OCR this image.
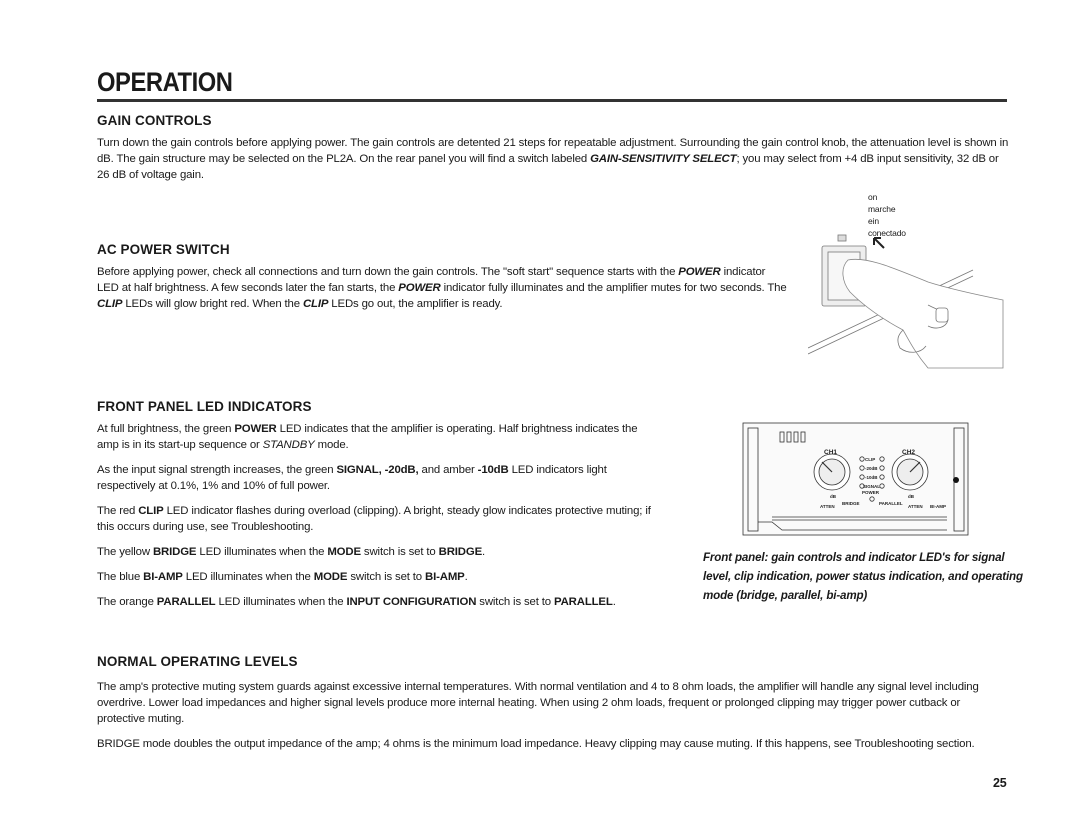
OPERATION
GAIN CONTROLS

Turn down the gain controls before applying power. The gain controls are detented 21 steps for repeatable adjustment. Surrounding the gain control knob, the attenuation level is shown in dB. The gain structure may be selected on the PL2A. On the rear panel you will find a switch labeled GAIN-SENSITIVITY SELECT; you may select from +4 dB input sensitivity, 32 dB or 26 dB of voltage gain.

on
marche
ein
conectado

AC POWER SWITCH

Before applying power, check all connections and turn down the gain controls. The "soft start" sequence starts with the POWER indicator LED at half brightness. A few seconds later the fan starts, the POWER indicator fully illuminates and the amplifier mutes for two seconds. The CLIP LEDs will glow bright red. When the CLIP LEDs go out, the amplifier is ready.

FRONT PANEL LED INDICATORS

At full brightness, the green POWER LED indicates that the amplifier is operating. Half brightness indicates the amp is in its start-up sequence or STANDBY mode.

As the input signal strength increases, the green SIGNAL, -20dB, and amber -10dB LED indicators light respectively at 0.1%, 1% and 10% of full power.

The red CLIP LED indicator flashes during overload (clipping). A bright, steady glow indicates protective muting; if this occurs during use, see Troubleshooting.

The yellow BRIDGE LED illuminates when the MODE switch is set to BRIDGE.

The blue BI-AMP LED illuminates when the MODE switch is set to BI-AMP.

The orange PARALLEL LED illuminates when the INPUT CONFIGURATION switch is set to PARALLEL.

CH1	CH2
CLIP
-20dB
-10dB
SIGNAL
POWER
BRIDGE	PARALLEL
BI-AMP
ATTEN	ATTEN
dB	dB

Front panel: gain controls and indicator LED's for signal level, clip indication, power status indication, and operating mode (bridge, parallel, bi-amp)

NORMAL OPERATING LEVELS

The amp's protective muting system guards against excessive internal temperatures. With normal ventilation and 4 to 8 ohm loads, the amplifier will handle any signal level including overdrive. Lower load impedances and higher signal levels produce more internal heating. When using 2 ohm loads, frequent or prolonged clipping may trigger power cutback or protective muting.

BRIDGE mode doubles the output impedance of the amp; 4 ohms is the minimum load impedance. Heavy clipping may cause muting. If this happens, see Troubleshooting section.

25
